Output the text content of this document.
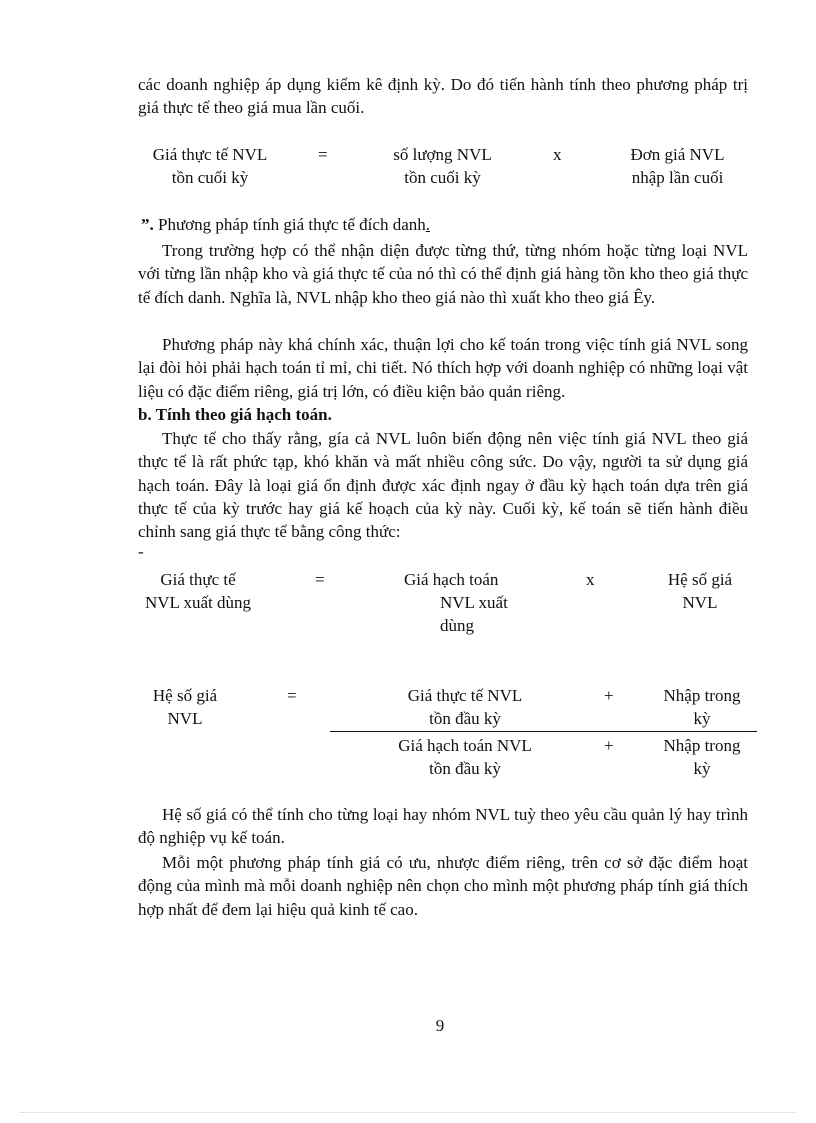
các doanh nghiệp áp dụng kiểm kê định kỳ. Do đó tiến hành tính theo phương pháp trị giá thực tế theo giá mua lần cuối.

Giá thực tế NVL
tồn cuối kỳ
=	số lượng NVL
tồn cuối kỳ
x	Đơn giá NVL
nhập lần cuối
”. Phương pháp tính giá thực tế đích danh.

Trong trường hợp có thể nhận diện được từng thứ, từng nhóm hoặc từng loại NVL với từng lần nhập kho và giá thực tế của nó thì có thể định giá hàng tồn kho theo giá thực tế đích danh. Nghĩa là, NVL nhập kho theo giá nào thì xuất kho theo giá Êy.

Phương pháp này khá chính xác, thuận lợi cho kế toán trong việc tính giá NVL song lại đòi hỏi phải hạch toán tỉ mỉ, chi tiết. Nó thích hợp với doanh nghiệp có những loại vật liệu có đặc điểm riêng, giá trị lớn, có điều kiện bảo quản riêng.

b. Tính theo giá hạch toán.

Thực tế cho thấy rằng, gía cả NVL luôn biến động nên việc tính giá NVL theo giá thực tế là rất phức tạp, khó khăn và mất nhiều công sức. Do vậy, người ta sử dụng giá hạch toán. Đây là loại giá ổn định được xác định ngay ở đầu kỳ hạch toán dựa trên giá thực tế của kỳ trước hay giá kế hoạch của kỳ này. Cuối kỳ, kế toán sẽ tiến hành điều chỉnh sang giá thực tế bằng công thức:

-
Giá thực tế
NVL xuất dùng
=	Giá hạch toán
NVL xuất
dùng
x	Hệ số giá
NVL
Hệ số giá
NVL
=	Giá thực tế NVL
tồn đầu kỳ
+	Nhập trong
kỳ
Giá hạch toán NVL
tồn đầu kỳ
+	Nhập trong
kỳ

Hệ số giá có thể tính cho từng loại hay nhóm NVL tuỳ theo yêu cầu quản lý hay trình độ nghiệp vụ kế toán.

Mỗi một phương pháp tính giá có ưu, nhược điểm riêng, trên cơ sở đặc điểm hoạt động của mình mà mỗi doanh nghiệp nên chọn cho mình một phương pháp tính giá thích hợp nhất để đem lại hiệu quả kinh tế cao.

9
